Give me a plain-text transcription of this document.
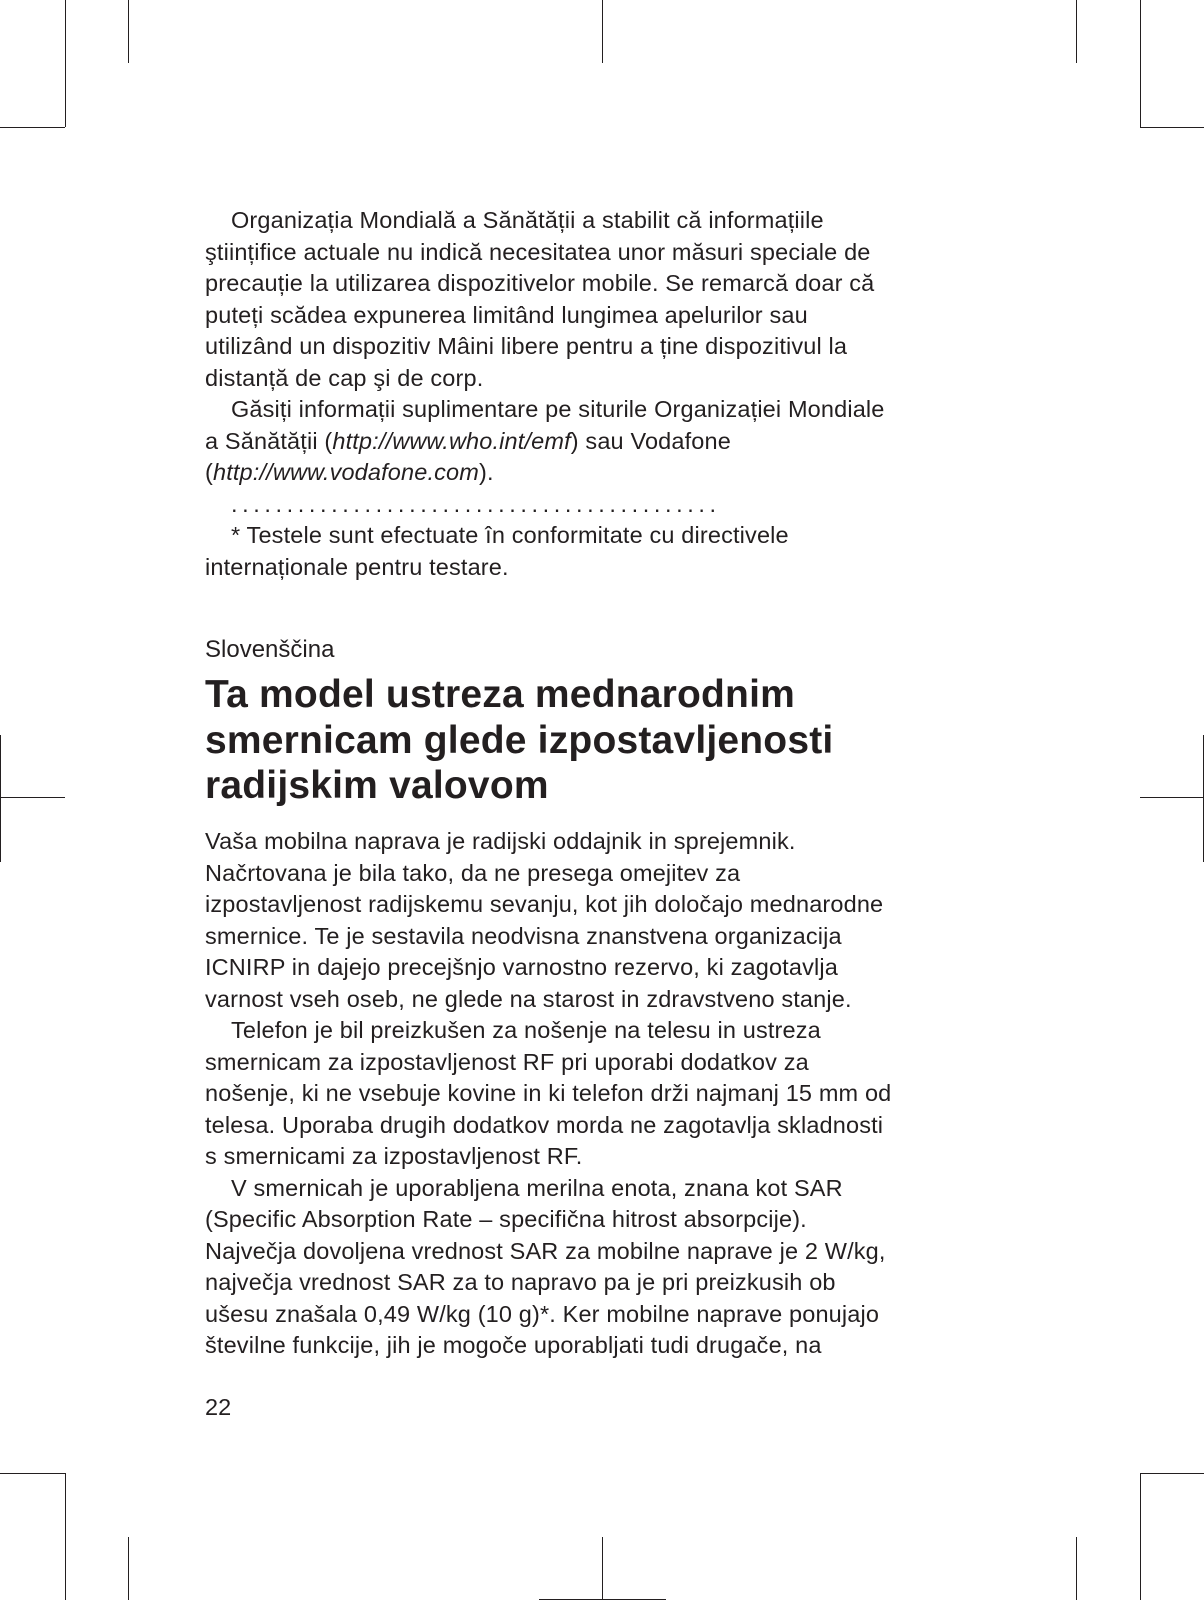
Organizația Mondială a Sănătății a stabilit că informațiile
ştiințifice actuale nu indică necesitatea unor măsuri speciale de
precauție la utilizarea dispozitivelor mobile. Se remarcă doar că
puteți scădea expunerea limitând lungimea apelurilor sau
utilizând un dispozitiv Mâini libere pentru a ține dispozitivul la
distanță de cap şi de corp.

Găsiți informații suplimentare pe siturile Organizației Mondiale
a Sănătății (http://www.who.int/emf) sau Vodafone
(http://www.vodafone.com).

............................................

* Testele sunt efectuate în conformitate cu directivele
internaționale pentru testare.

Slovenščina
Ta model ustreza mednarodnim
smernicam glede izpostavljenosti
radijskim valovom

Vaša mobilna naprava je radijski oddajnik in sprejemnik.
Načrtovana je bila tako, da ne presega omejitev za
izpostavljenost radijskemu sevanju, kot jih določajo mednarodne
smernice. Te je sestavila neodvisna znanstvena organizacija
ICNIRP in dajejo precejšnjo varnostno rezervo, ki zagotavlja
varnost vseh oseb, ne glede na starost in zdravstveno stanje.

Telefon je bil preizkušen za nošenje na telesu in ustreza
smernicam za izpostavljenost RF pri uporabi dodatkov za
nošenje, ki ne vsebuje kovine in ki telefon drži najmanj 15 mm od
telesa. Uporaba drugih dodatkov morda ne zagotavlja skladnosti
s smernicami za izpostavljenost RF.

V smernicah je uporabljena merilna enota, znana kot SAR
(Specific Absorption Rate – specifična hitrost absorpcije).
Največja dovoljena vrednost SAR za mobilne naprave je 2 W/kg,
največja vrednost SAR za to napravo pa je pri preizkusih ob
ušesu znašala 0,49 W/kg (10 g)*. Ker mobilne naprave ponujajo
številne funkcije, jih je mogoče uporabljati tudi drugače, na

22
